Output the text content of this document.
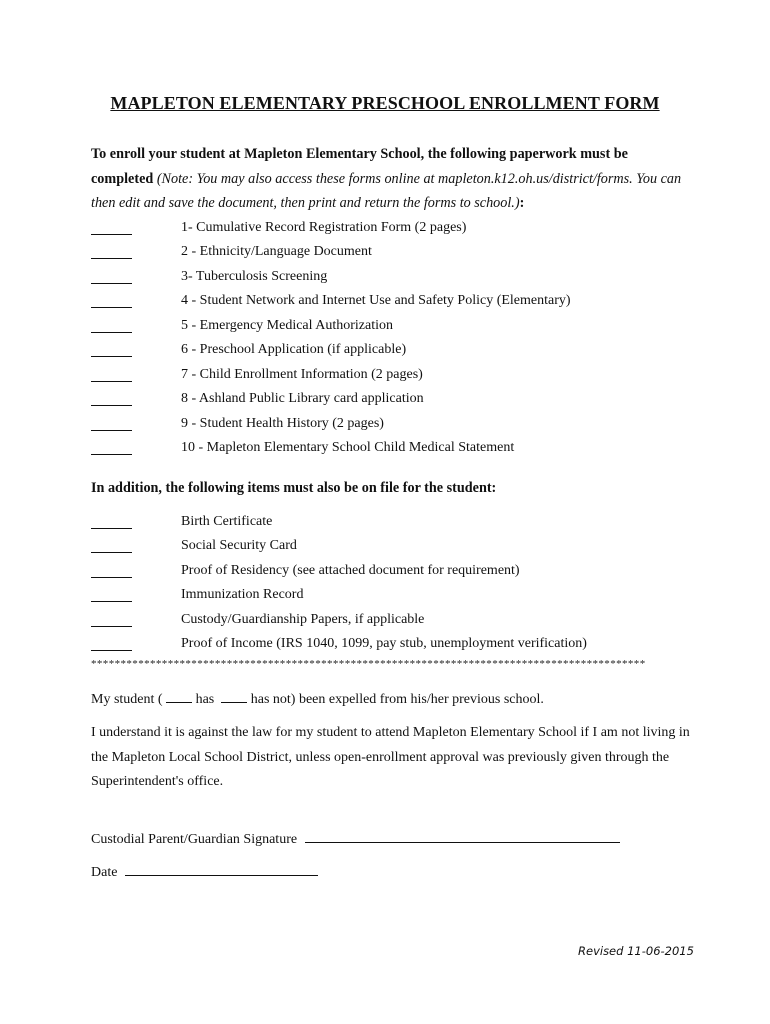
MAPLETON ELEMENTARY PRESCHOOL ENROLLMENT FORM
To enroll your student at Mapleton Elementary School, the following paperwork must be completed (Note: You may also access these forms online at mapleton.k12.oh.us/district/forms. You can then edit and save the document, then print and return the forms to school.):
1- Cumulative Record Registration Form (2 pages)
2 - Ethnicity/Language Document
3- Tuberculosis Screening
4 - Student Network and Internet Use and Safety Policy (Elementary)
5 - Emergency Medical Authorization
6 - Preschool Application (if applicable)
7 - Child Enrollment Information (2 pages)
8 - Ashland Public Library card application
9 - Student Health History (2 pages)
10 - Mapleton Elementary School Child Medical Statement
In addition, the following items must also be on file for the student:
Birth Certificate
Social Security Card
Proof of Residency (see attached document for requirement)
Immunization Record
Custody/Guardianship Papers, if applicable
Proof of Income (IRS 1040, 1099, pay stub, unemployment verification)
**********************************************************************************************
My student ( has	has not) been expelled from his/her previous school.
I understand it is against the law for my student to attend Mapleton Elementary School if I am not living in the Mapleton Local School District, unless open-enrollment approval was previously given through the Superintendent's office.
Custodial Parent/Guardian Signature
Date
Revised 11-06-2015
